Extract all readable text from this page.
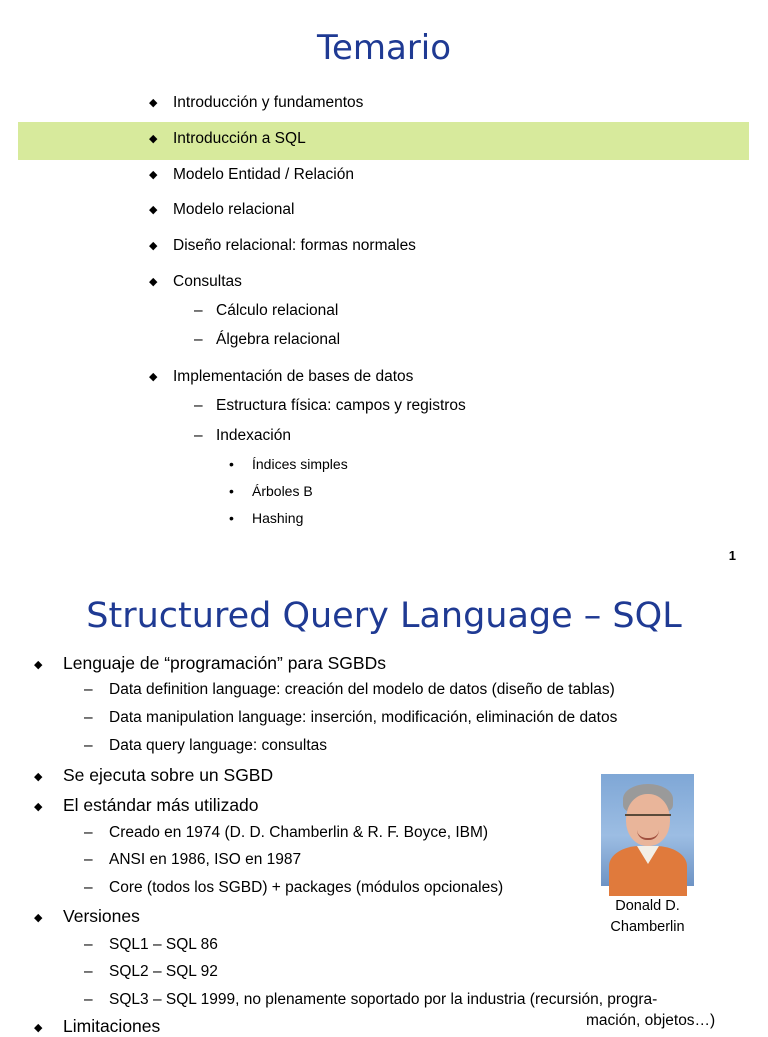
Temario
◆ Introducción y fundamentos
◆ Introducción a SQL
◆ Modelo Entidad / Relación
◆ Modelo relacional
◆ Diseño relacional: formas normales
◆ Consultas
– Cálculo relacional
– Álgebra relacional
◆ Implementación de bases de datos
– Estructura física: campos y registros
– Indexación
• Índices simples
• Árboles B
• Hashing
1
Structured Query Language – SQL
◆ Lenguaje de “programación” para SGBDs
– Data definition language: creación del modelo de datos (diseño de tablas)
– Data manipulation language: inserción, modificación, eliminación de datos
– Data query language: consultas
◆ Se ejecuta sobre un SGBD
◆ El estándar más utilizado
– Creado en 1974 (D. D. Chamberlin & R. F. Boyce, IBM)
– ANSI en 1986, ISO en 1987
– Core (todos los SGBD) + packages (módulos opcionales)
◆ Versiones
– SQL1 – SQL 86
– SQL2 – SQL 92
– SQL3 – SQL 1999, no plenamente soportado por la industria (recursión, progra-
mación, objetos…)
◆ Limitaciones
Donald D.
Chamberlin
